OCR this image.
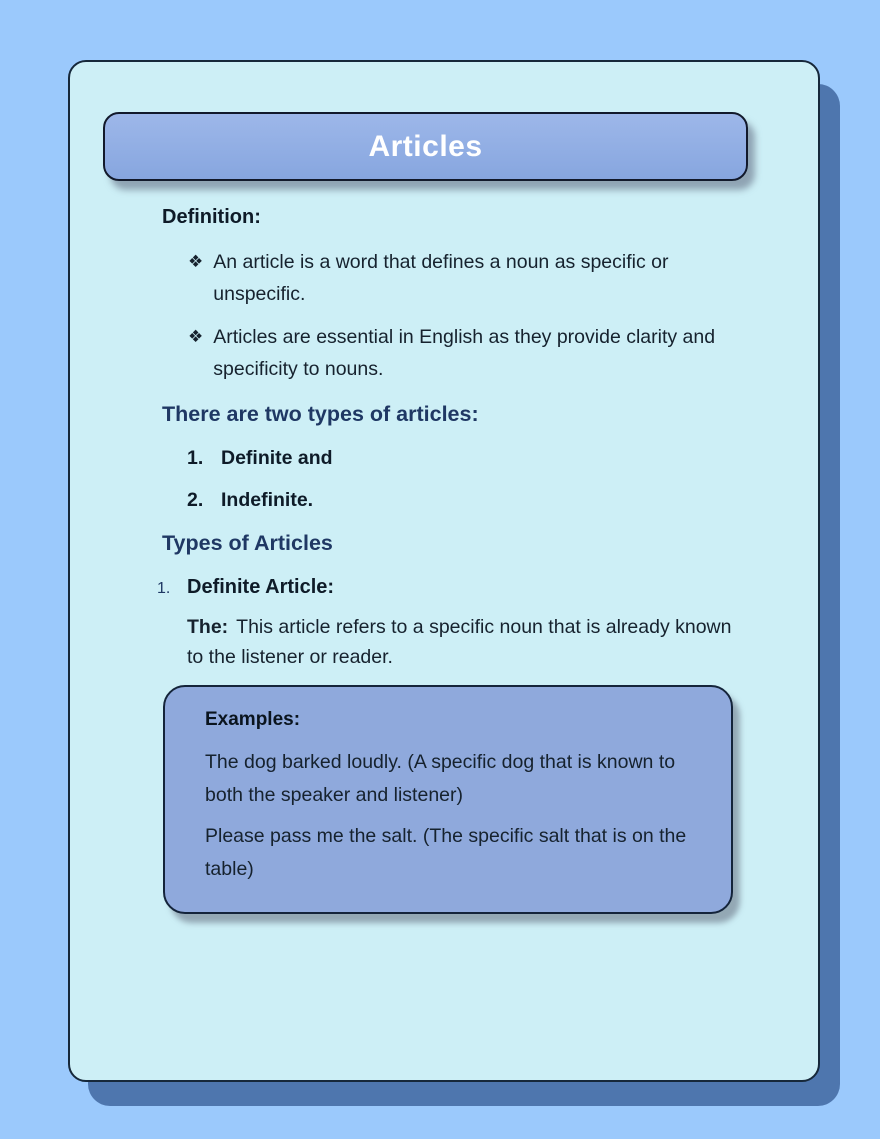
Articles
Definition:
❖ An article is a word that defines a noun as specific or unspecific.
❖ Articles are essential in English as they provide clarity and specificity to nouns.
There are two types of articles:
1. Definite and
2. Indefinite.
Types of Articles
1. Definite Article:
The: This article refers to a specific noun that is already known to the listener or reader.
Examples:
The dog barked loudly. (A specific dog that is known to both the speaker and listener)
Please pass me the salt. (The specific salt that is on the table)
